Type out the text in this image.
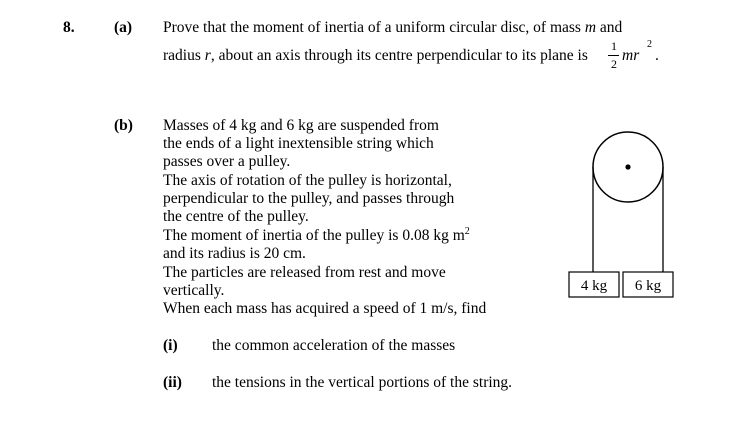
8.	(a) Prove that the moment of inertia of a uniform circular disc, of mass m and
radius r, about an axis through its centre perpendicular to its plane is
1
2 mr
2
.
(b) Masses of 4 kg and 6 kg are suspended from
the ends of a light inextensible string which
passes over a pulley.
The axis of rotation of the pulley is horizontal,
perpendicular to the pulley, and passes through
the centre of the pulley.
The moment of inertia of the pulley is 0.08 kg $m^2$
and its radius is 20 cm.
The particles are released from rest and move
vertically.
When each mass has acquired a speed of 1 m/s, find
(i) the common acceleration of the masses
(ii) the tensions in the vertical portions of the string.
4 kg 6 kg
